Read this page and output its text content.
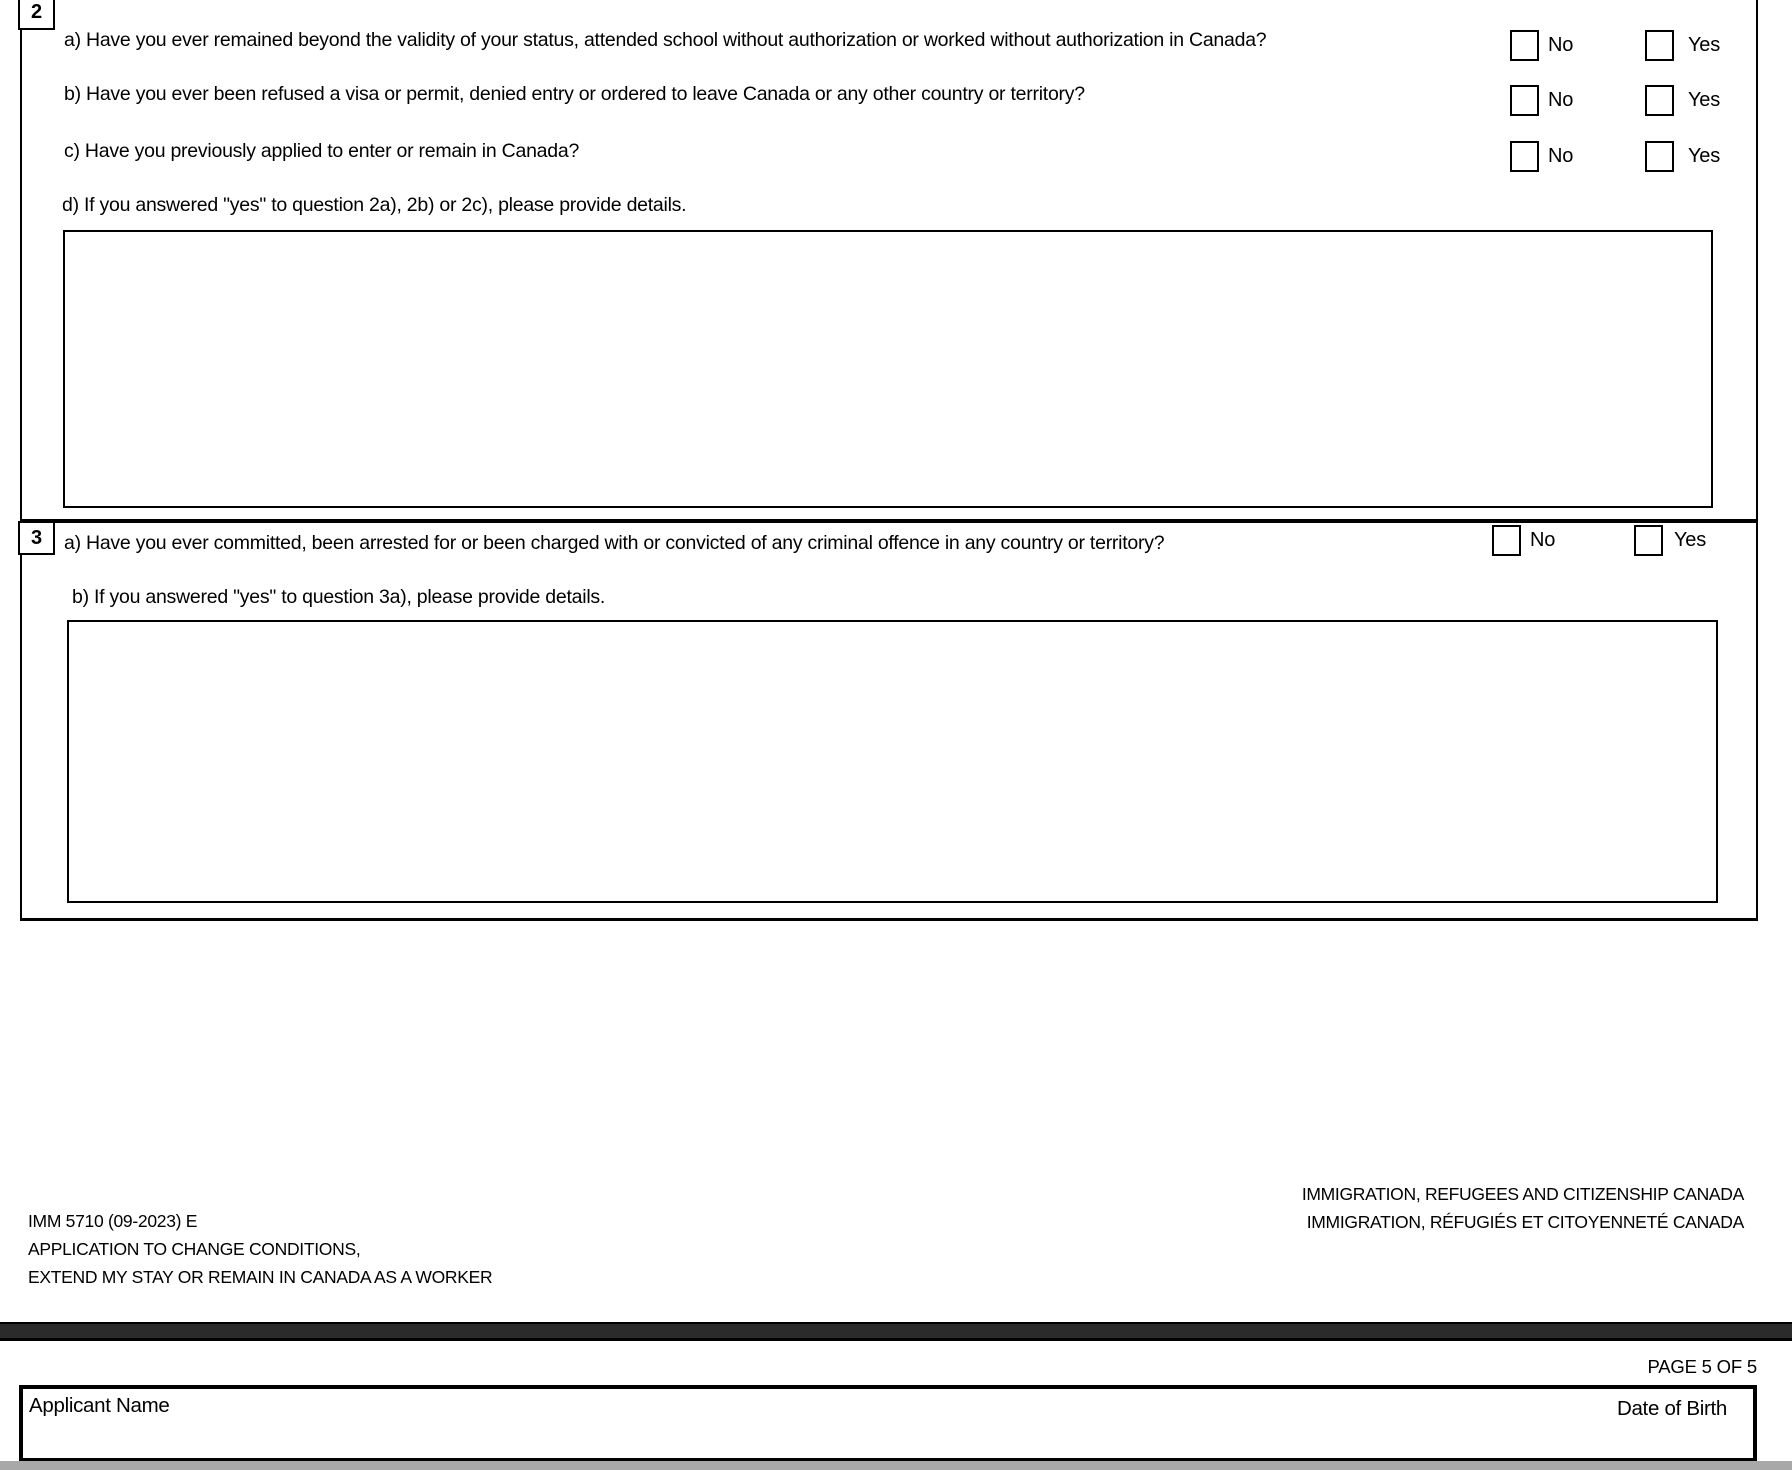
2
a) Have you ever remained beyond the validity of your status, attended school without authorization or worked without authorization in Canada?
b) Have you ever been refused a visa or permit, denied entry or ordered to leave Canada or any other country or territory?
c) Have you previously applied to enter or remain in Canada?
d) If you answered "yes" to question 2a), 2b) or 2c), please provide details.
No	Yes
No	Yes
No	Yes
3	a) Have you ever committed, been arrested for or been charged with or convicted of any criminal offence in any country or territory?
b) If you answered "yes" to question 3a), please provide details.
No	Yes
IMM 5710 (09-2023) E
APPLICATION TO CHANGE CONDITIONS,
EXTEND MY STAY OR REMAIN IN CANADA AS A WORKER
IMMIGRATION, REFUGEES AND CITIZENSHIP CANADA
IMMIGRATION, RÉFUGIÉS ET CITOYENNETÉ CANADA
PAGE 5 OF 5
Applicant Name	Date of Birth
